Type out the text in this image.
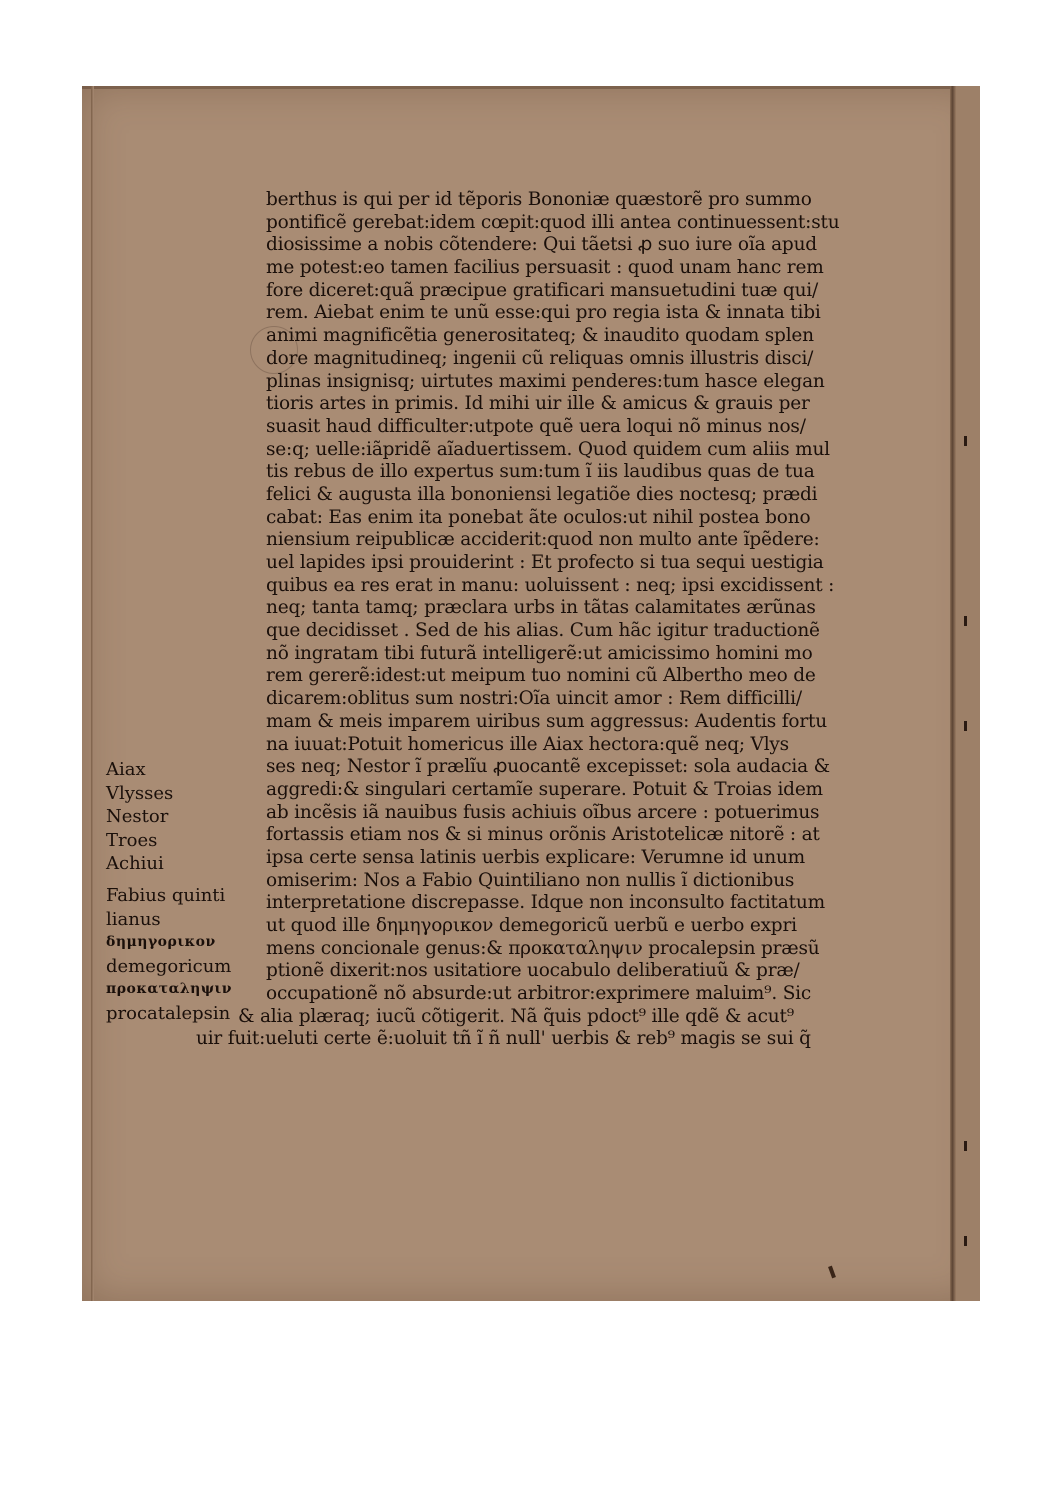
berthus is qui per id tẽporis Bononiæ quæstorẽ pro summo
pontificẽ gerebat:idem cœpit:quod illi antea continuessent:stu
diosissime a nobis cõtendere: Qui tãetsi ꝓ suo iure oĩa apud
me potest:eo tamen facilius persuasit : quod unam hanc rem
fore diceret:quã præcipue gratificari mansuetudini tuæ qui/
rem. Aiebat enim te unũ esse:qui pro regia ista & innata tibi
animi magnificẽtia generositateq; & inaudito quodam splen
dore magnitudineq; ingenii cũ reliquas omnis illustris disci/
plinas insignisq; uirtutes maximi penderes:tum hasce elegan
tioris artes in primis. Id mihi uir ille & amicus & grauis per
suasit haud difficulter:utpote quẽ uera loqui nõ minus nos/
se:q; uelle:iãpridẽ aĩaduertissem. Quod quidem cum aliis mul
tis rebus de illo expertus sum:tum ĩ iis laudibus quas de tua
felici & augusta illa bononiensi legatiõe dies noctesq; prædi
cabat: Eas enim ita ponebat ãte oculos:ut nihil postea bono
niensium reipublicæ acciderit:quod non multo ante ĩpẽdere:
uel lapides ipsi prouiderint : Et profecto si tua sequi uestigia
quibus ea res erat in manu: uoluissent : neq; ipsi excidissent :
neq; tanta tamq; præclara urbs in tãtas calamitates ærũnas
que decidisset . Sed de his alias. Cum hãc igitur traductionẽ
nõ ingratam tibi futurã intelligerẽ:ut amicissimo homini mo
rem gererẽ:idest:ut meipum tuo nomini cũ Albertho meo de
dicarem:oblitus sum nostri:Oĩa uincit amor : Rem difficilli/
mam & meis imparem uiribus sum aggressus: Audentis fortu
na iuuat:Potuit homericus ille Aiax hectora:quẽ neq; Vlys
ses neq; Nestor ĩ prælĩu ꝓuocantẽ excepisset: sola audacia &
aggredi:& singulari certamĩe superare. Potuit & Troias idem
ab incẽsis iã nauibus fusis achiuis oĩbus arcere : potuerimus
fortassis etiam nos & si minus orõnis Aristotelicæ nitorẽ : at
ipsa certe sensa latinis uerbis explicare: Verumne id unum
omiserim: Nos a Fabio Quintiliano non nullis ĩ dictionibus
interpretatione discrepasse. Idque non inconsulto factitatum
ut quod ille δημηγορικον demegoricũ uerbũ e uerbo expri
mens concionale genus:& προκαταληψιν procalepsin præsũ
ptionẽ dixerit:nos usitatiore uocabulo deliberatiuũ & præ/
occupationẽ nõ absurde:ut arbitror:exprimere maluim⁹. Sic
& alia plæraq; iucũ cõtigerit. Nã q̃uis pdoct⁹ ille qdẽ & acut⁹
uir fuit:ueluti certe ẽ:uoluit tñ ĩ ñ null' uerbis & reb⁹ magis se sui q̃
Aiax
Vlysses
Nestor
Troes
Achiui
Fabius quinti
lianus
δημηγορικον
demegoricum
προκαταληψιν
procatalepsin
